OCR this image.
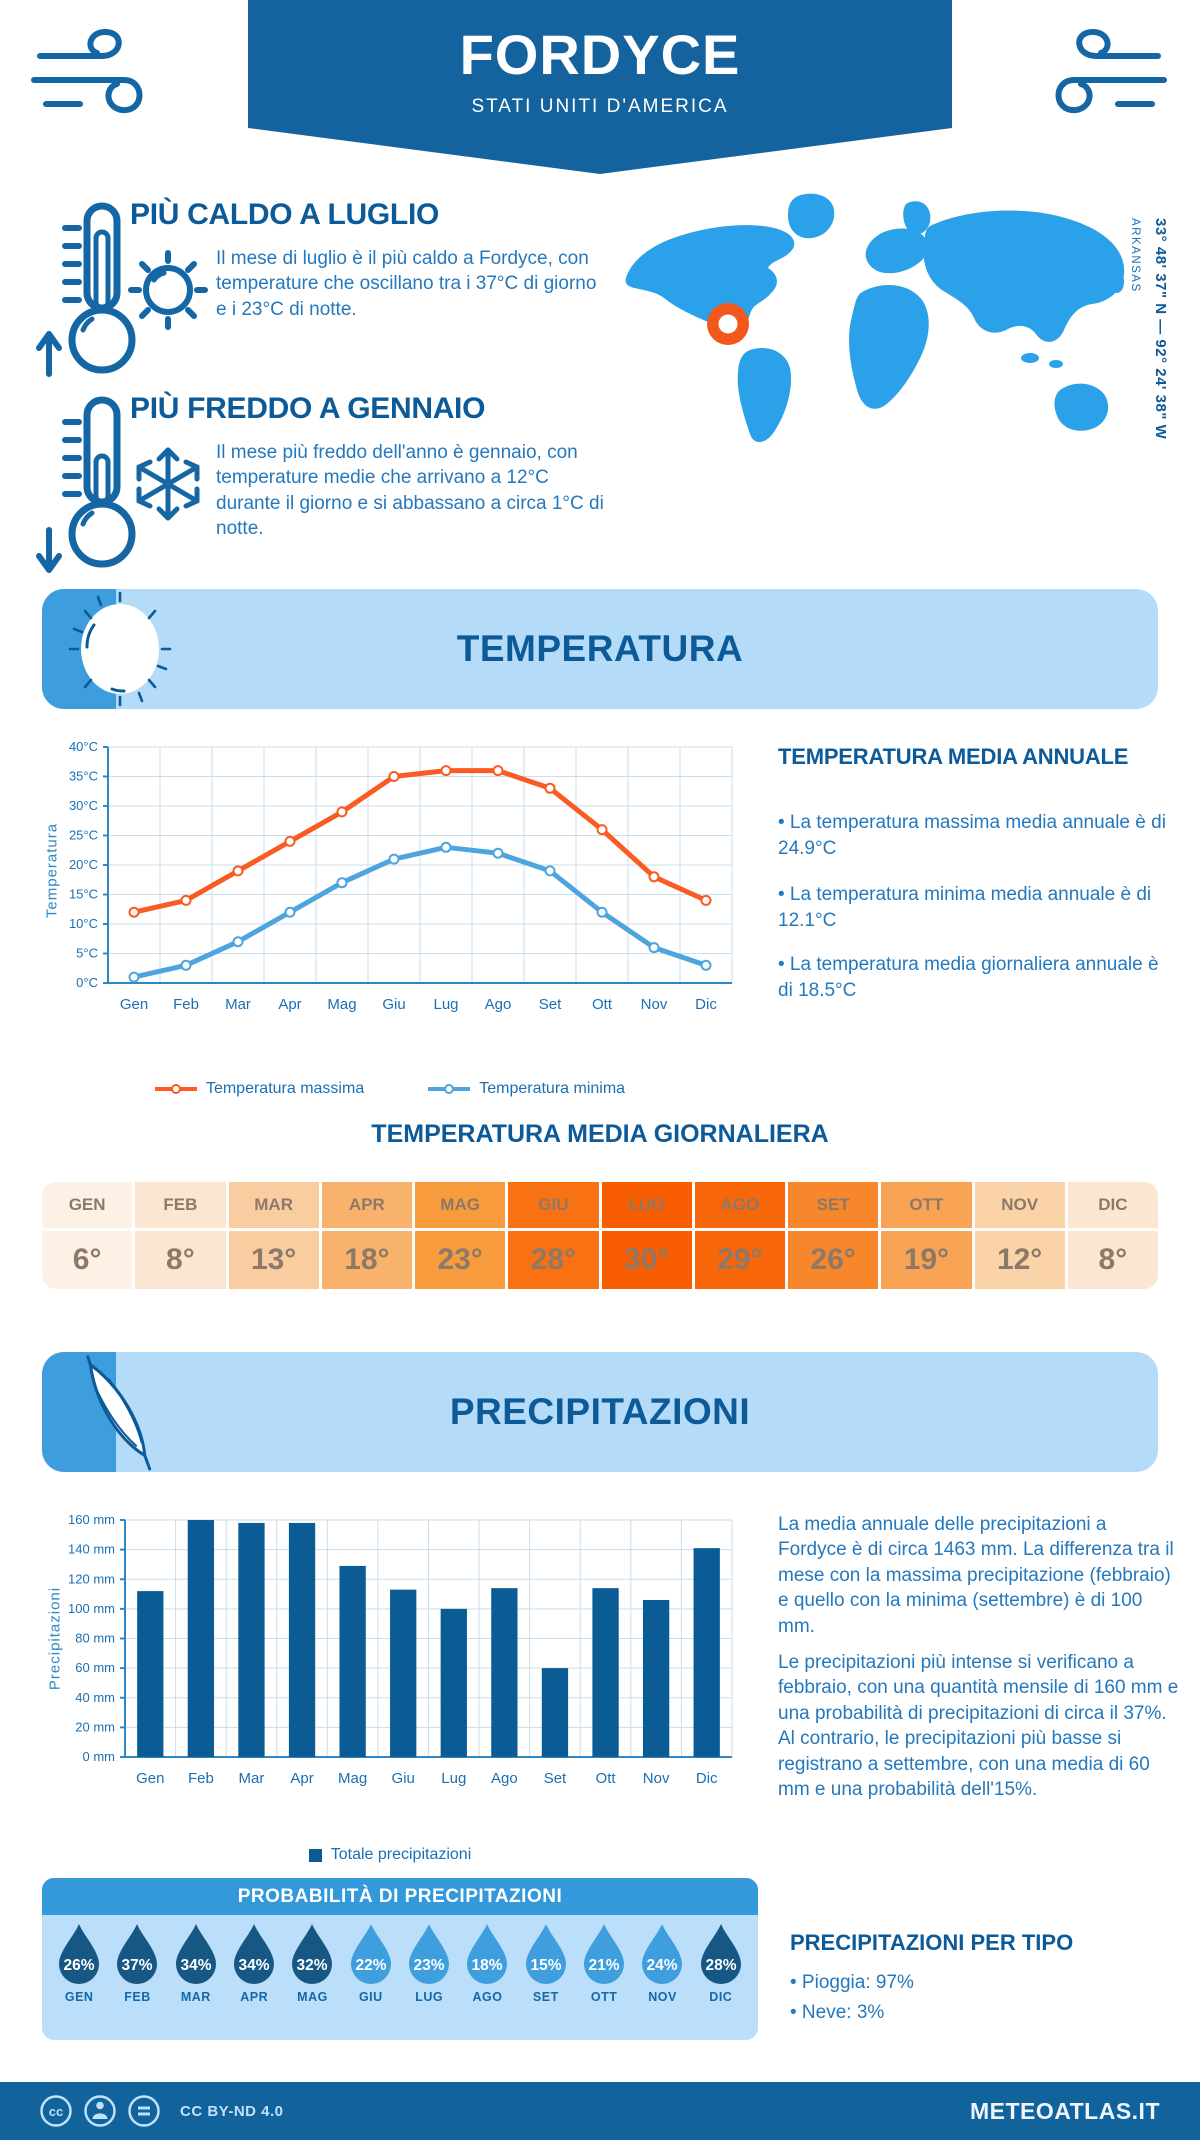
FORDYCE
STATI UNITI D'AMERICA
PIÙ CALDO A LUGLIO

Il mese di luglio è il più caldo a Fordyce, con temperature che oscillano tra i 37°C di giorno e i 23°C di notte.

PIÙ FREDDO A GENNAIO

Il mese più freddo dell'anno è gennaio, con temperature medie che arrivano a 12°C durante il giorno e si abbassano a circa 1°C di notte.

33° 48' 37" N — 92° 24' 38" W
ARKANSAS
TEMPERATURA
0°C
5°C
10°C
15°C
20°C
25°C
30°C
35°C
40°C
Gen Feb Mar Apr Mag Giu Lug Ago Set Ott Nov Dic
Temperatura
Temperatura massima	Temperatura minima
TEMPERATURA MEDIA ANNUALE

• La temperatura massima media annuale è di 24.9°C

• La temperatura minima media annuale è di 12.1°C

• La temperatura media giornaliera annuale è di 18.5°C

TEMPERATURA MEDIA GIORNALIERA
GEN	FEB	MAR	APR	MAG	GIU	LUG	AGO	SET	OTT	NOV	DIC
6°	8°	13°	18°	23°	28°	30°	29°	26°	19°	12°	8°
PRECIPITAZIONI
0 mm
20 mm
40 mm
60 mm
80 mm
100 mm
120 mm
140 mm
160 mm
Gen Feb Mar Apr Mag Giu Lug Ago Set Ott Nov Dic
Precipitazioni
Totale precipitazioni

La media annuale delle precipitazioni a Fordyce è di circa 1463 mm. La differenza tra il mese con la massima precipitazione (febbraio) e quello con la minima (settembre) è di 100 mm.

Le precipitazioni più intense si verificano a febbraio, con una quantità mensile di 160 mm e una probabilità di precipitazioni di circa il 37%. Al contrario, le precipitazioni più basse si registrano a settembre, con una media di 60 mm e una probabilità dell'15%.

PROBABILITÀ DI PRECIPITAZIONI
26%
GEN
37%
FEB
34%
MAR
34%
APR
32%
MAG
22%
GIU
23%
LUG
18%
AGO
15%
SET
21%
OTT
24%
NOV
28%
DIC
PRECIPITAZIONI PER TIPO

• Pioggia: 97%

• Neve: 3%

cc	CC BY-ND 4.0	METEOATLAS.IT
